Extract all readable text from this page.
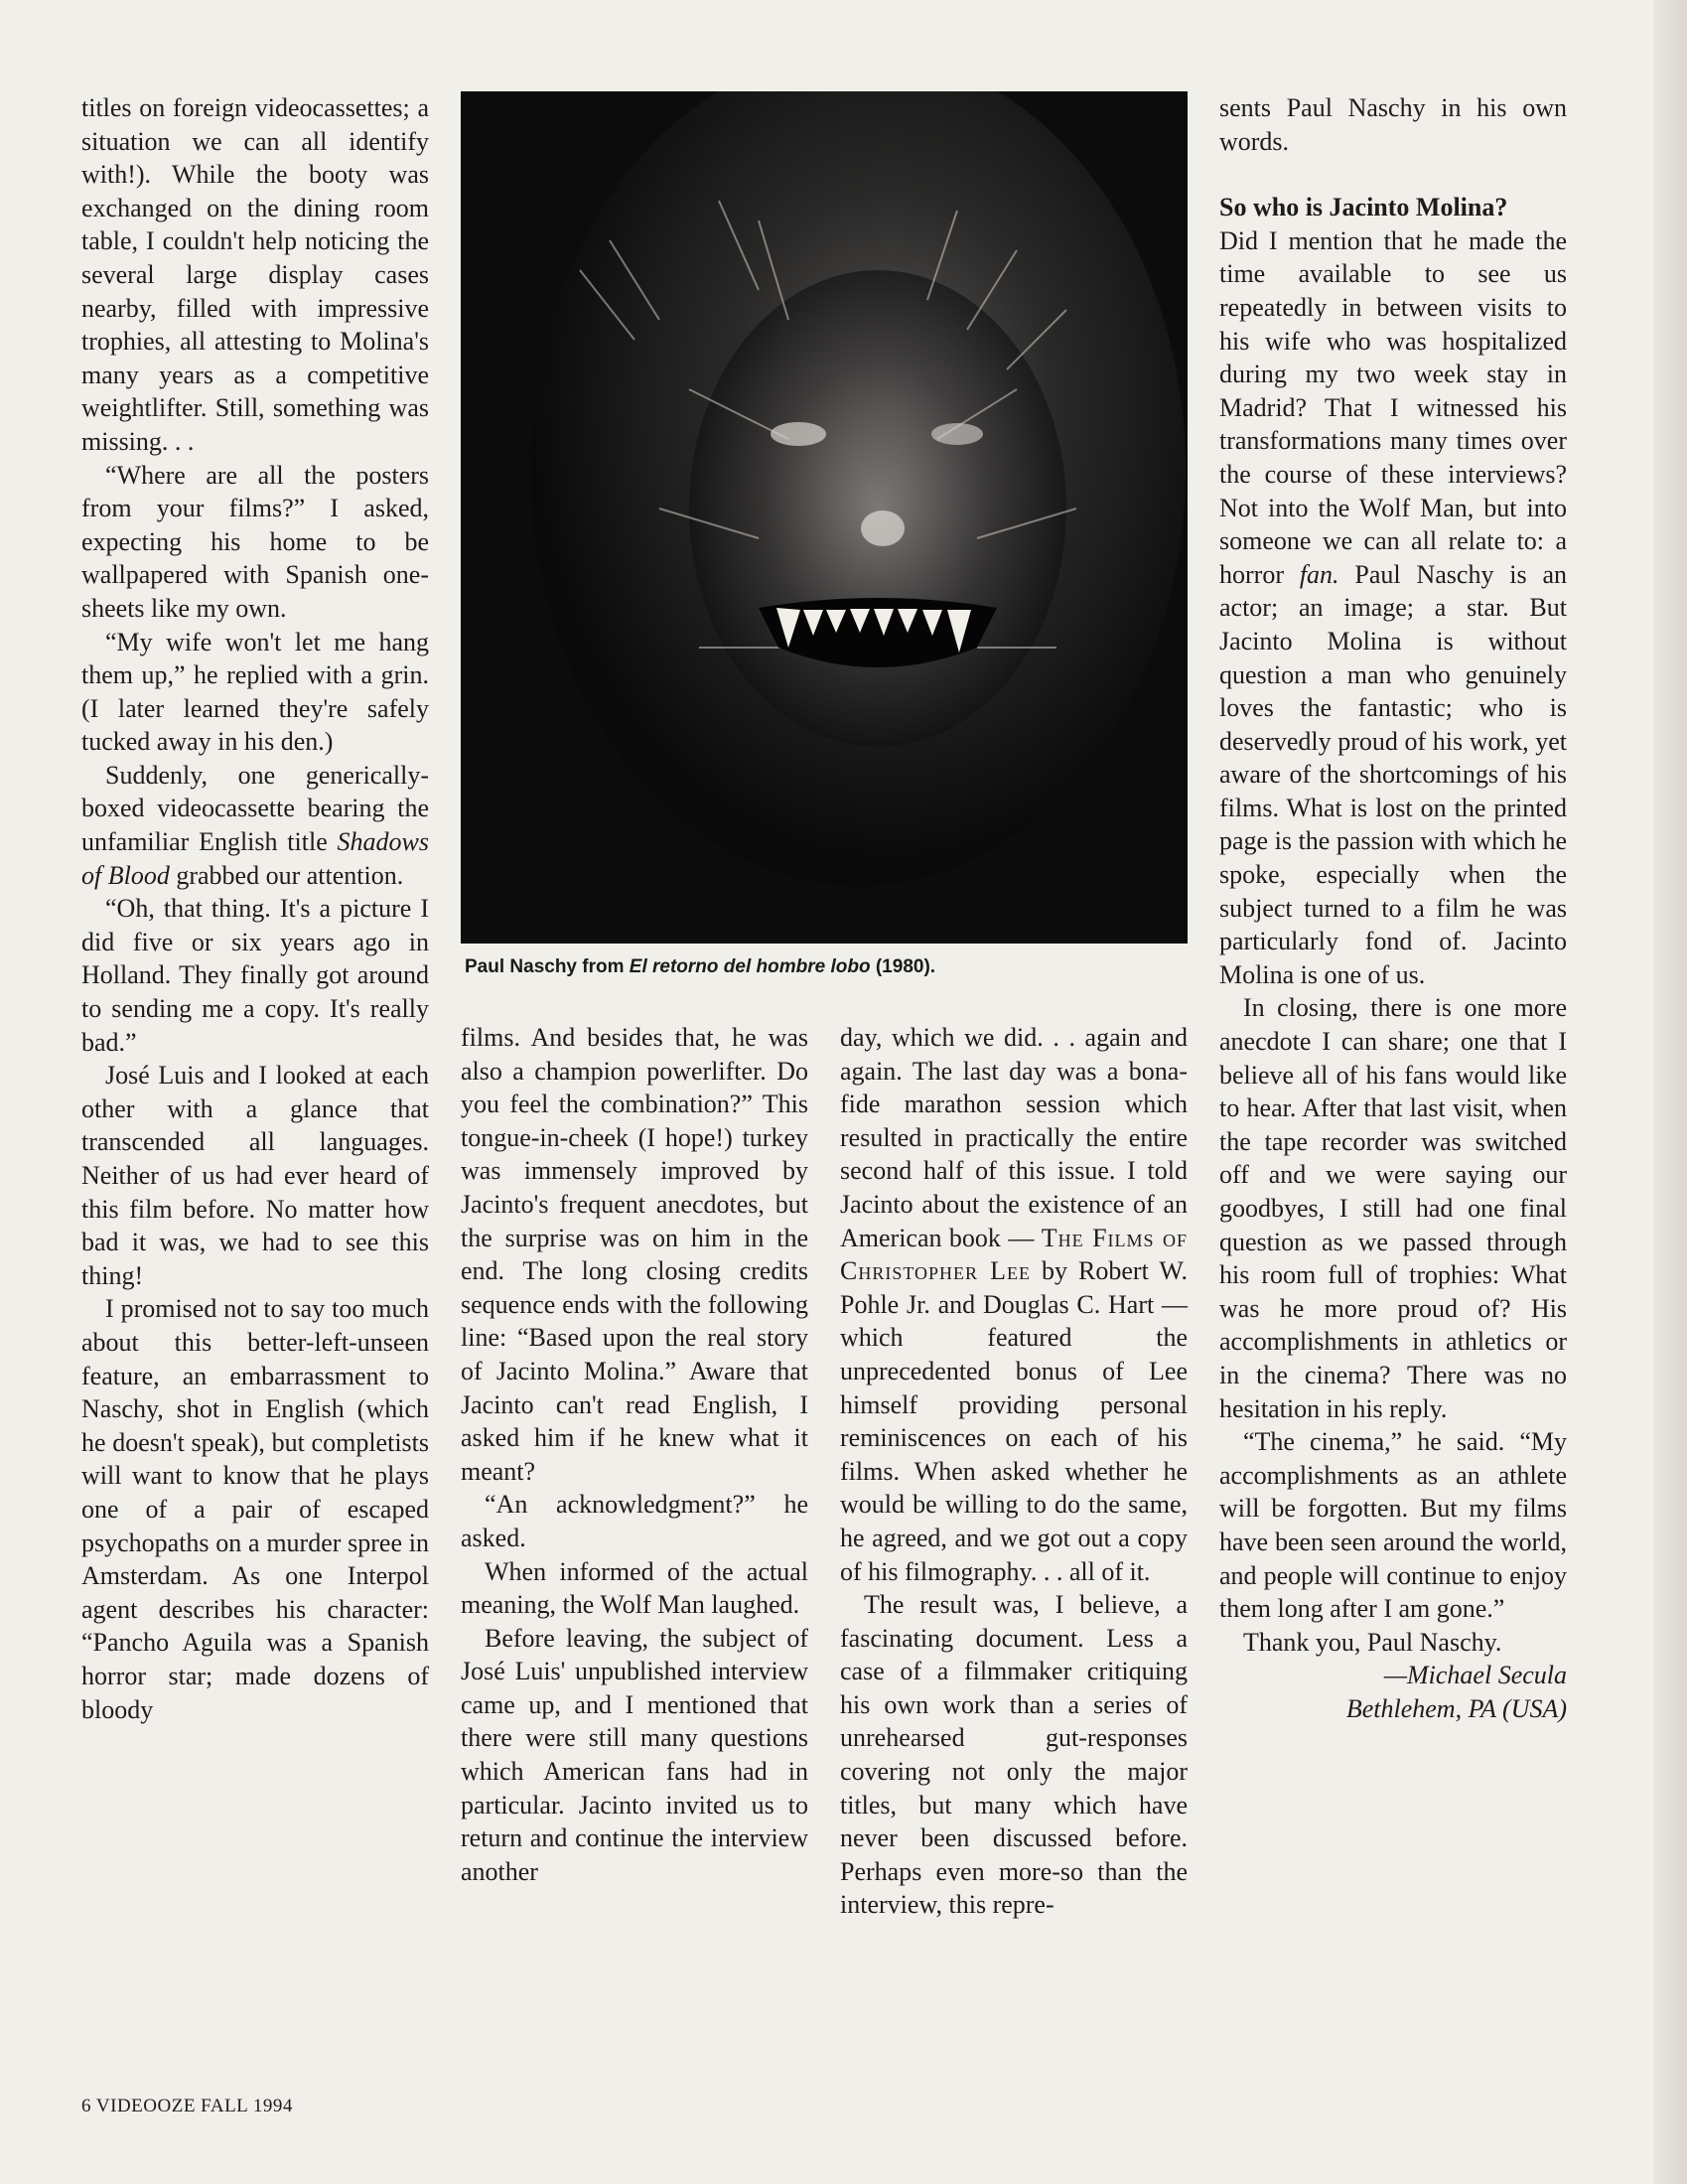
titles on foreign videocassettes; a situation we can all identify with!). While the booty was exchanged on the dining room table, I couldn't help noticing the several large display cases nearby, filled with impressive trophies, all attesting to Molina's many years as a competitive weightlifter. Still, something was missing. . .

“Where are all the posters from your films?” I asked, expecting his home to be wallpapered with Spanish one-sheets like my own.

“My wife won't let me hang them up,” he replied with a grin. (I later learned they're safely tucked away in his den.)

Suddenly, one generically-boxed videocassette bearing the unfamiliar English title Shadows of Blood grabbed our attention.

“Oh, that thing. It's a picture I did five or six years ago in Holland. They finally got around to sending me a copy. It's really bad.”

José Luis and I looked at each other with a glance that transcended all languages. Neither of us had ever heard of this film before. No matter how bad it was, we had to see this thing!

I promised not to say too much about this better-left-unseen feature, an embarrassment to Naschy, shot in English (which he doesn't speak), but completists will want to know that he plays one of a pair of escaped psychopaths on a murder spree in Amsterdam. As one Interpol agent describes his character: “Pancho Aguila was a Spanish horror star; made dozens of bloody

Paul Naschy from El retorno del hombre lobo (1980).

films. And besides that, he was also a champion powerlifter. Do you feel the combination?” This tongue-in-cheek (I hope!) turkey was immensely improved by Jacinto's frequent anecdotes, but the surprise was on him in the end. The long closing credits sequence ends with the following line: “Based upon the real story of Jacinto Molina.” Aware that Jacinto can't read English, I asked him if he knew what it meant?

“An acknowledgment?” he asked.

When informed of the actual meaning, the Wolf Man laughed.

Before leaving, the subject of José Luis' unpublished interview came up, and I mentioned that there were still many questions which American fans had in particular. Jacinto invited us to return and continue the interview another

day, which we did. . . again and again. The last day was a bona-fide marathon session which resulted in practically the entire second half of this issue. I told Jacinto about the existence of an American book — The Films of Christopher Lee by Robert W. Pohle Jr. and Douglas C. Hart — which featured the unprecedented bonus of Lee himself providing personal reminiscences on each of his films. When asked whether he would be willing to do the same, he agreed, and we got out a copy of his filmography. . . all of it.

The result was, I believe, a fascinating document. Less a case of a filmmaker critiquing his own work than a series of unrehearsed gut-responses covering not only the major titles, but many which have never been discussed before. Perhaps even more-so than the interview, this repre-

sents Paul Naschy in his own words.

So who is Jacinto Molina?

Did I mention that he made the time available to see us repeatedly in between visits to his wife who was hospitalized during my two week stay in Madrid? That I witnessed his transformations many times over the course of these interviews? Not into the Wolf Man, but into someone we can all relate to: a horror fan. Paul Naschy is an actor; an image; a star. But Jacinto Molina is without question a man who genuinely loves the fantastic; who is deservedly proud of his work, yet aware of the shortcomings of his films. What is lost on the printed page is the passion with which he spoke, especially when the subject turned to a film he was particularly fond of. Jacinto Molina is one of us.

In closing, there is one more anecdote I can share; one that I believe all of his fans would like to hear. After that last visit, when the tape recorder was switched off and we were saying our goodbyes, I still had one final question as we passed through his room full of trophies: What was he more proud of? His accomplishments in athletics or in the cinema? There was no hesitation in his reply.

“The cinema,” he said. “My accomplishments as an athlete will be forgotten. But my films have been seen around the world, and people will continue to enjoy them long after I am gone.”

Thank you, Paul Naschy.

—Michael Secula

Bethlehem, PA (USA)

6 VIDEOOZE FALL 1994
